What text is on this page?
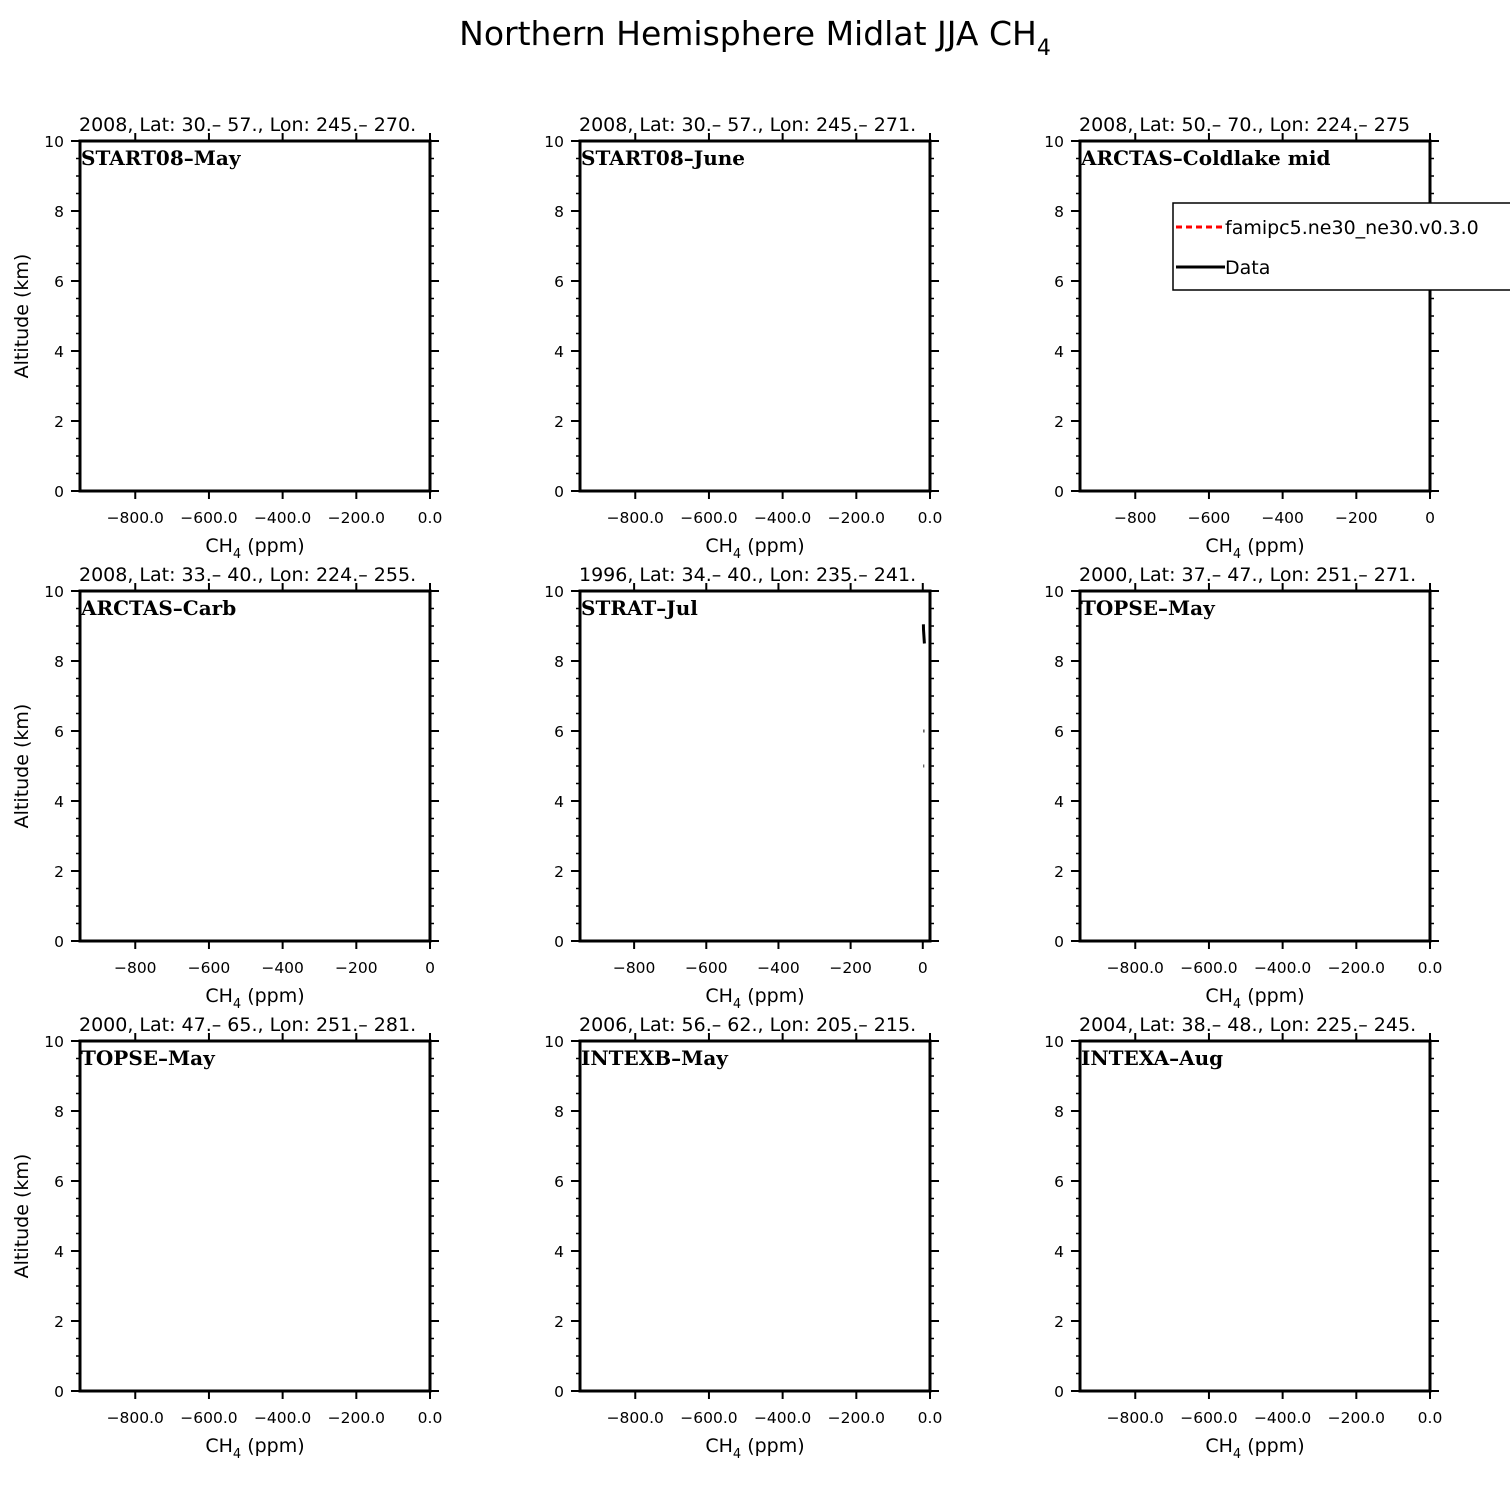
Northern Hemisphere Midlat JJA $CH_4$
0
2
4
6
8
10
−800.0 −600.0 −400.0 −200.0 0.0
2008, Lat: 30.– 57., Lon: 245.– 270.
START08–May
$CH_4$ (ppm)
Altitude (km)
0
2
4
6
8
10
−800.0 −600.0 −400.0 −200.0 0.0
2008, Lat: 30.– 57., Lon: 245.– 271.
START08–June
$CH_4$ (ppm)
0
2
4
6
8
10
−800 −600 −400 −200	0
2008, Lat: 50.– 70., Lon: 224.– 275
ARCTAS–Coldlake mid
$CH_4$ (ppm)
0
2
4
6
8
10
−800 −600 −400 −200	0
2008, Lat: 33.– 40., Lon: 224.– 255.
ARCTAS–Carb
$CH_4$ (ppm)
Altitude (km)
0
2
4
6
8
10
−800 −600 −400 −200	0
1996, Lat: 34.– 40., Lon: 235.– 241.
STRAT–Jul
$CH_4$ (ppm)
0
2
4
6
8
10
−800.0 −600.0 −400.0 −200.0 0.0
2000, Lat: 37.– 47., Lon: 251.– 271.
TOPSE–May
$CH_4$ (ppm)
0
2
4
6
8
10
−800.0 −600.0 −400.0 −200.0 0.0
2000, Lat: 47.– 65., Lon: 251.– 281.
TOPSE–May
$CH_4$ (ppm)
Altitude (km)
0
2
4
6
8
10
−800.0 −600.0 −400.0 −200.0 0.0
2006, Lat: 56.– 62., Lon: 205.– 215.
INTEXB–May
$CH_4$ (ppm)
0
2
4
6
8
10
−800.0 −600.0 −400.0 −200.0 0.0
2004, Lat: 38.– 48., Lon: 225.– 245.
INTEXA–Aug
$CH_4$ (ppm)
famipc5.ne30_ne30.v0.3.0
Data
